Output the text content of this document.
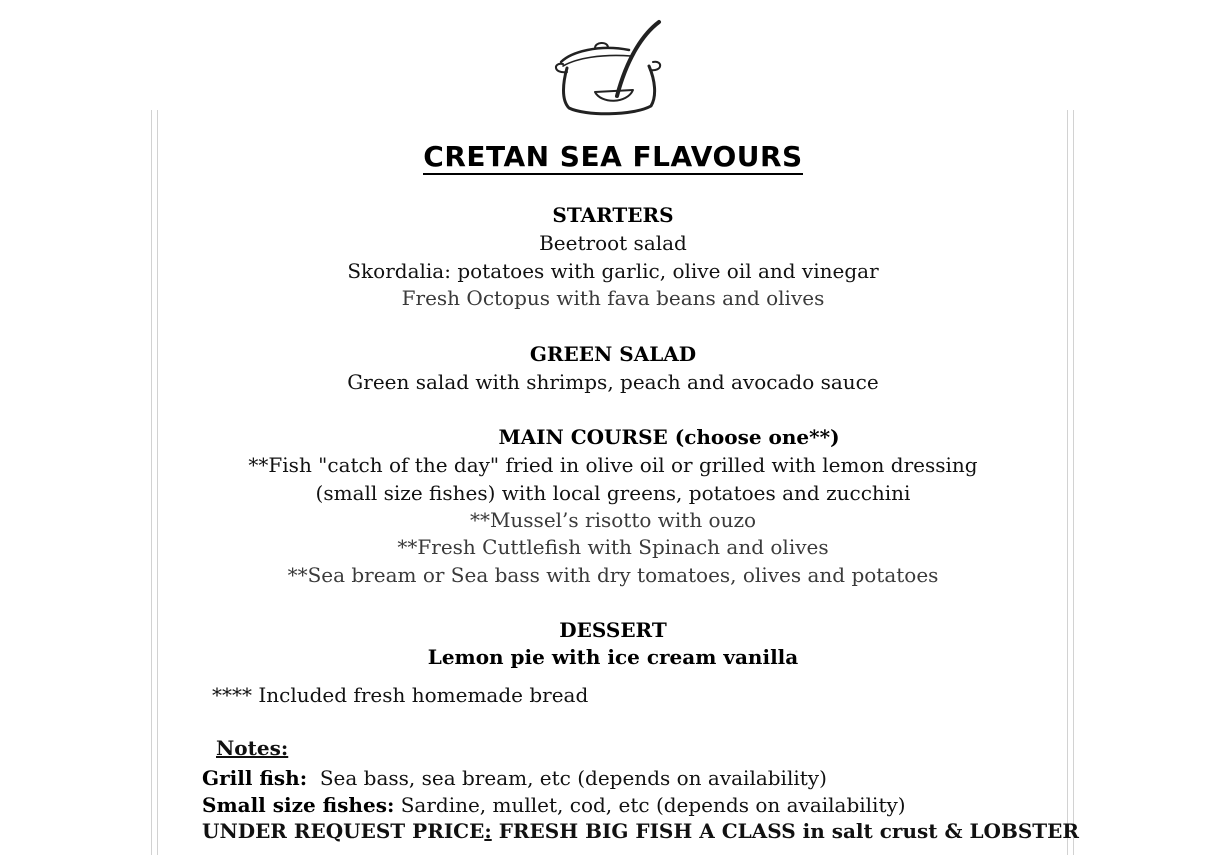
CRETAN SEA FLAVOURS
STARTERS
Beetroot salad
Skordalia: potatoes with garlic, olive oil and vinegar
Fresh Octopus with fava beans and olives
GREEN SALAD
Green salad with shrimps, peach and avocado sauce
MAIN COURSE (choose one**)
**Fish "catch of the day" fried in olive oil or grilled with lemon dressing
(small size fishes) with local greens, potatoes and zucchini
**Mussel’s risotto with ouzo
**Fresh Cuttlefish with Spinach and olives
**Sea bream or Sea bass with dry tomatoes, olives and potatoes
DESSERT
Lemon pie with ice cream vanilla
**** Included fresh homemade bread
Notes:
Grill fish: Sea bass, sea bream, etc (depends on availability)
Small size fishes: Sardine, mullet, cod, etc (depends on availability)
UNDER REQUEST PRICE: FRESH BIG FISH A CLASS in salt crust & LOBSTER
